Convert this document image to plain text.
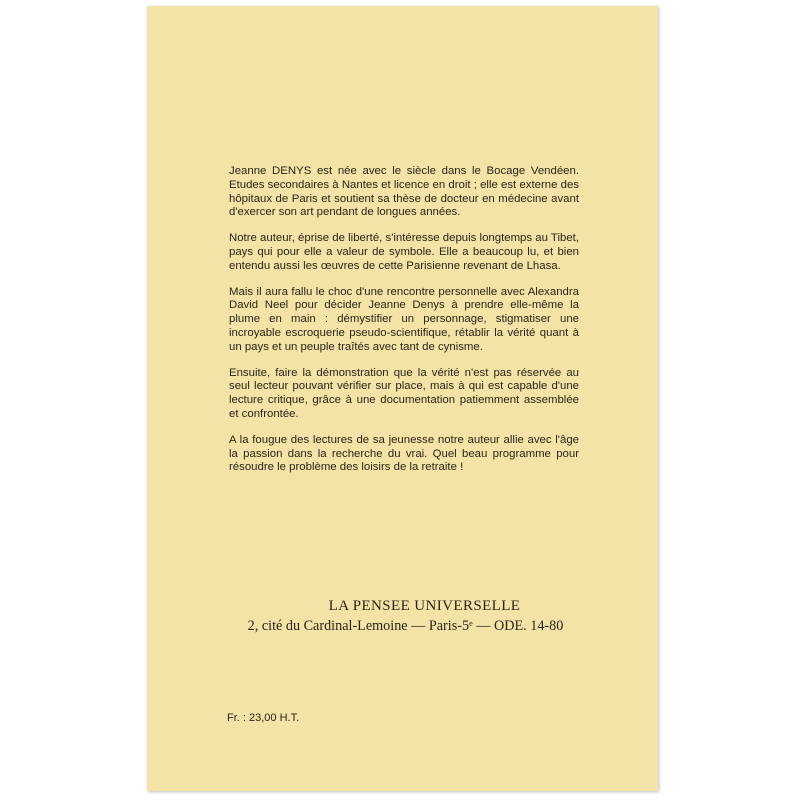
Jeanne DENYS est née avec le siècle dans le Bocage Vendéen. Etudes secondaires à Nantes et licence en droit ; elle est externe des hôpitaux de Paris et soutient sa thèse de docteur en médecine avant d'exercer son art pendant de longues années.

Notre auteur, éprise de liberté, s'intéresse depuis longtemps au Tibet, pays qui pour elle a valeur de symbole. Elle a beaucoup lu, et bien entendu aussi les œuvres de cette Parisienne revenant de Lhasa.

Mais il aura fallu le choc d'une rencontre personnelle avec Alexandra David Neel pour décider Jeanne Denys à prendre elle-même la plume en main : démystifier un personnage, stigmatiser une incroyable escroquerie pseudo-scientifique, rétablir la vérité quant à un pays et un peuple traîtés avec tant de cynisme.

Ensuite, faire la démonstration que la vérité n'est pas réservée au seul lecteur pouvant vérifier sur place, mais à qui est capable d'une lecture critique, grâce à une documentation patiemment assemblée et confrontée.

A la fougue des lectures de sa jeunesse notre auteur allie avec l'âge la passion dans la recherche du vrai. Quel beau programme pour résoudre le problème des loisirs de la retraite !

LA PENSEE UNIVERSELLE
2, cité du Cardinal-Lemoine — Paris-5ᵉ — ODE. 14-80
Fr. : 23,00 H.T.
